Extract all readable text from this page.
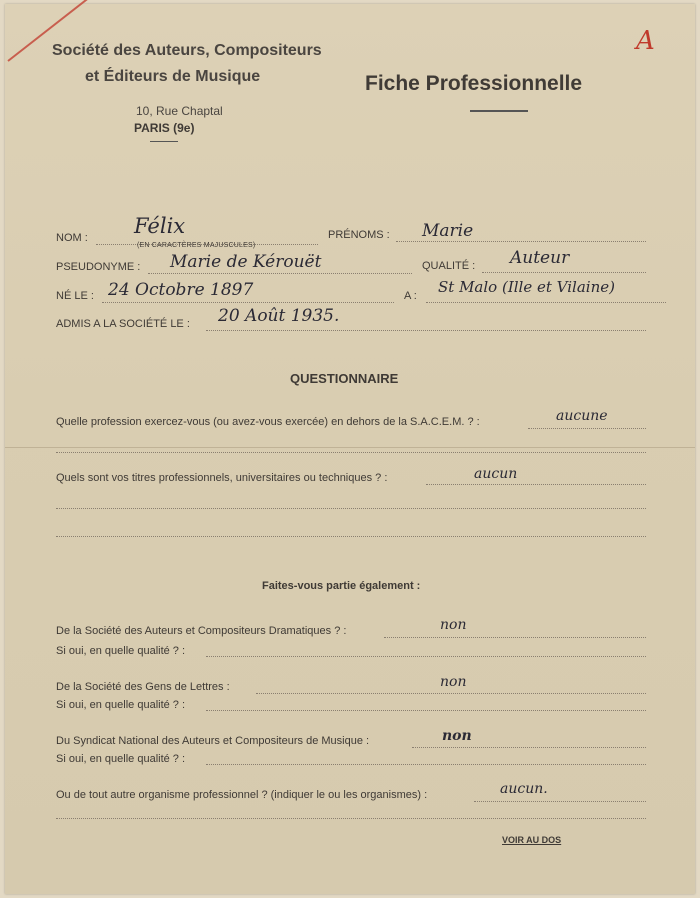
Société des Auteurs, Compositeurs
et Éditeurs de Musique
10, Rue Chaptal
PARIS (9e)
Fiche Professionnelle
A
NOM : Félix
(EN CARACTÈRES MAJUSCULES)
PRÉNOMS : Marie
PSEUDONYME : Marie de Kérouët	QUALITÉ : Auteur
NÉ LE : 24 Octobre 1897	A : St Malo (Ille et Vilaine)
ADMIS A LA SOCIÉTÉ LE : 20 Août 1935.
QUESTIONNAIRE
Quelle profession exercez-vous (ou avez-vous exercée) en dehors de la S.A.C.E.M. ? :	aucune
Quels sont vos titres professionnels, universitaires ou techniques ? :	aucun
Faites-vous partie également :
De la Société des Auteurs et Compositeurs Dramatiques ? :	non
Si oui, en quelle qualité ? :
De la Société des Gens de Lettres :	non
Si oui, en quelle qualité ? :
Du Syndicat National des Auteurs et Compositeurs de Musique :	non
Si oui, en quelle qualité ? :
Ou de tout autre organisme professionnel ? (indiquer le ou les organismes) :	aucun.
VOIR AU DOS
